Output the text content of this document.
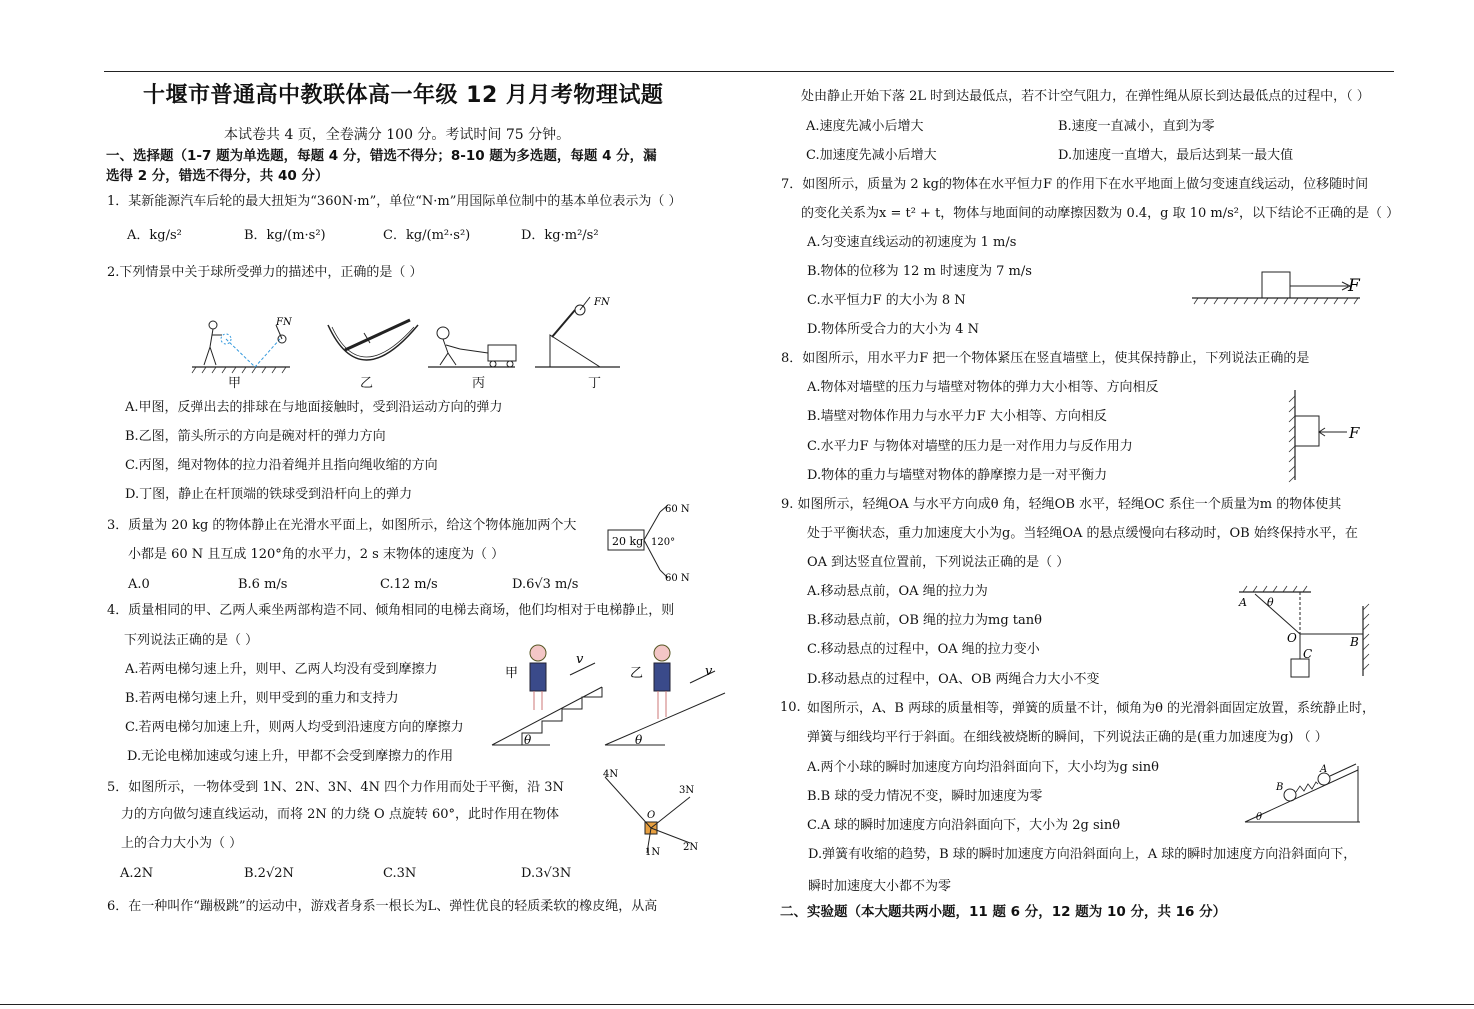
十堰市普通高中教联体高一年级 12 月月考物理试题
本试卷共 4 页，全卷满分 100 分。考试时间 75 分钟。
一、选择题（1-7 题为单选题，每题 4 分，错选不得分；8-10 题为多选题，每题 4 分，漏
选得 2 分，错选不得分，共 40 分）
1．某新能源汽车后轮的最大扭矩为“360N·m”，单位“N·m”用国际单位制中的基本单位表示为（ ）
A．kg/s²	B．kg/(m·s²)	C．kg/(m²·s²)	D．kg·m²/s²
2.下列情景中关于球所受弹力的描述中，正确的是（ ）
FN
FN
甲	乙	丙	丁
A.甲图，反弹出去的排球在与地面接触时，受到沿运动方向的弹力
B.乙图，箭头所示的方向是碗对杆的弹力方向
C.丙图，绳对物体的拉力沿着绳并且指向绳收缩的方向
D.丁图，静止在杆顶端的铁球受到沿杆向上的弹力
3．质量为 20 kg 的物体静止在光滑水平面上，如图所示，给这个物体施加两个大
小都是 60 N 且互成 120°角的水平力，2 s 末物体的速度为（ ）
A.0	B.6 m/s	C.12 m/s	D.6√3 m/s
20 kg 120°
60 N
60 N
4．质量相同的甲、乙两人乘坐两部构造不同、倾角相同的电梯去商场，他们均相对于电梯静止，则
下列说法正确的是（ ）
A.若两电梯匀速上升，则甲、乙两人均没有受到摩擦力
B.若两电梯匀速上升，则甲受到的重力和支持力
C.若两电梯匀加速上升，则两人均受到沿速度方向的摩擦力
D.无论电梯加速或匀速上升，甲都不会受到摩擦力的作用
甲
θ
v
乙
θ
v
5．如图所示，一物体受到 1N、2N、3N、4N 四个力作用而处于平衡，沿 3N
力的方向做匀速直线运动，而将 2N 的力绕 O 点旋转 60°，此时作用在物体
上的合力大小为（ ）
A.2N	B.2√2N	C.3N	D.3√3N
4N
3N
2N
1N
O
6．在一种叫作“蹦极跳”的运动中，游戏者身系一根长为L、弹性优良的轻质柔软的橡皮绳，从高
处由静止开始下落 2L 时到达最低点，若不计空气阻力，在弹性绳从原长到达最低点的过程中，（ ）
A.速度先减小后增大	B.速度一直减小，直到为零
C.加速度先减小后增大	D.加速度一直增大，最后达到某一最大值
7．如图所示，质量为 2 kg的物体在水平恒力F 的作用下在水平地面上做匀变速直线运动，位移随时间
的变化关系为x = t² + t，物体与地面间的动摩擦因数为 0.4，g 取 10 m/s²，以下结论不正确的是（ ）
A.匀变速直线运动的初速度为 1 m/s
B.物体的位移为 12 m 时速度为 7 m/s
C.水平恒力F 的大小为 8 N
D.物体所受合力的大小为 4 N
F
8．如图所示，用水平力F 把一个物体紧压在竖直墙壁上，使其保持静止，下列说法正确的是
A.物体对墙壁的压力与墙壁对物体的弹力大小相等、方向相反
B.墙壁对物体作用力与水平力F 大小相等、方向相反
C.水平力F 与物体对墙壁的压力是一对作用力与反作用力
D.物体的重力与墙壁对物体的静摩擦力是一对平衡力
F
9. 如图所示，轻绳OA 与水平方向成θ 角，轻绳OB 水平，轻绳OC 系住一个质量为m 的物体使其
处于平衡状态，重力加速度大小为g。当轻绳OA 的悬点缓慢向右移动时，OB 始终保持水平，在
OA 到达竖直位置前，下列说法正确的是（ ）
A.移动悬点前，OA 绳的拉力为
B.移动悬点前，OB 绳的拉力为mg tanθ
C.移动悬点的过程中，OA 绳的拉力变小
D.移动悬点的过程中，OA、OB 两绳合力大小不变
A θ
O	B
C
10. 如图所示，A、B 两球的质量相等，弹簧的质量不计，倾角为θ 的光滑斜面固定放置，系统静止时，
弹簧与细线均平行于斜面。在细线被烧断的瞬间，下列说法正确的是(重力加速度为g) （ ）
A.两个小球的瞬时加速度方向均沿斜面向下，大小均为g sinθ
B.B 球的受力情况不变，瞬时加速度为零
C.A 球的瞬时加速度方向沿斜面向下，大小为 2g sinθ
D.弹簧有收缩的趋势，B 球的瞬时加速度方向沿斜面向上，A 球的瞬时加速度方向沿斜面向下，
瞬时加速度大小都不为零
B
A
θ
二、实验题（本大题共两小题，11 题 6 分，12 题为 10 分，共 16 分）
